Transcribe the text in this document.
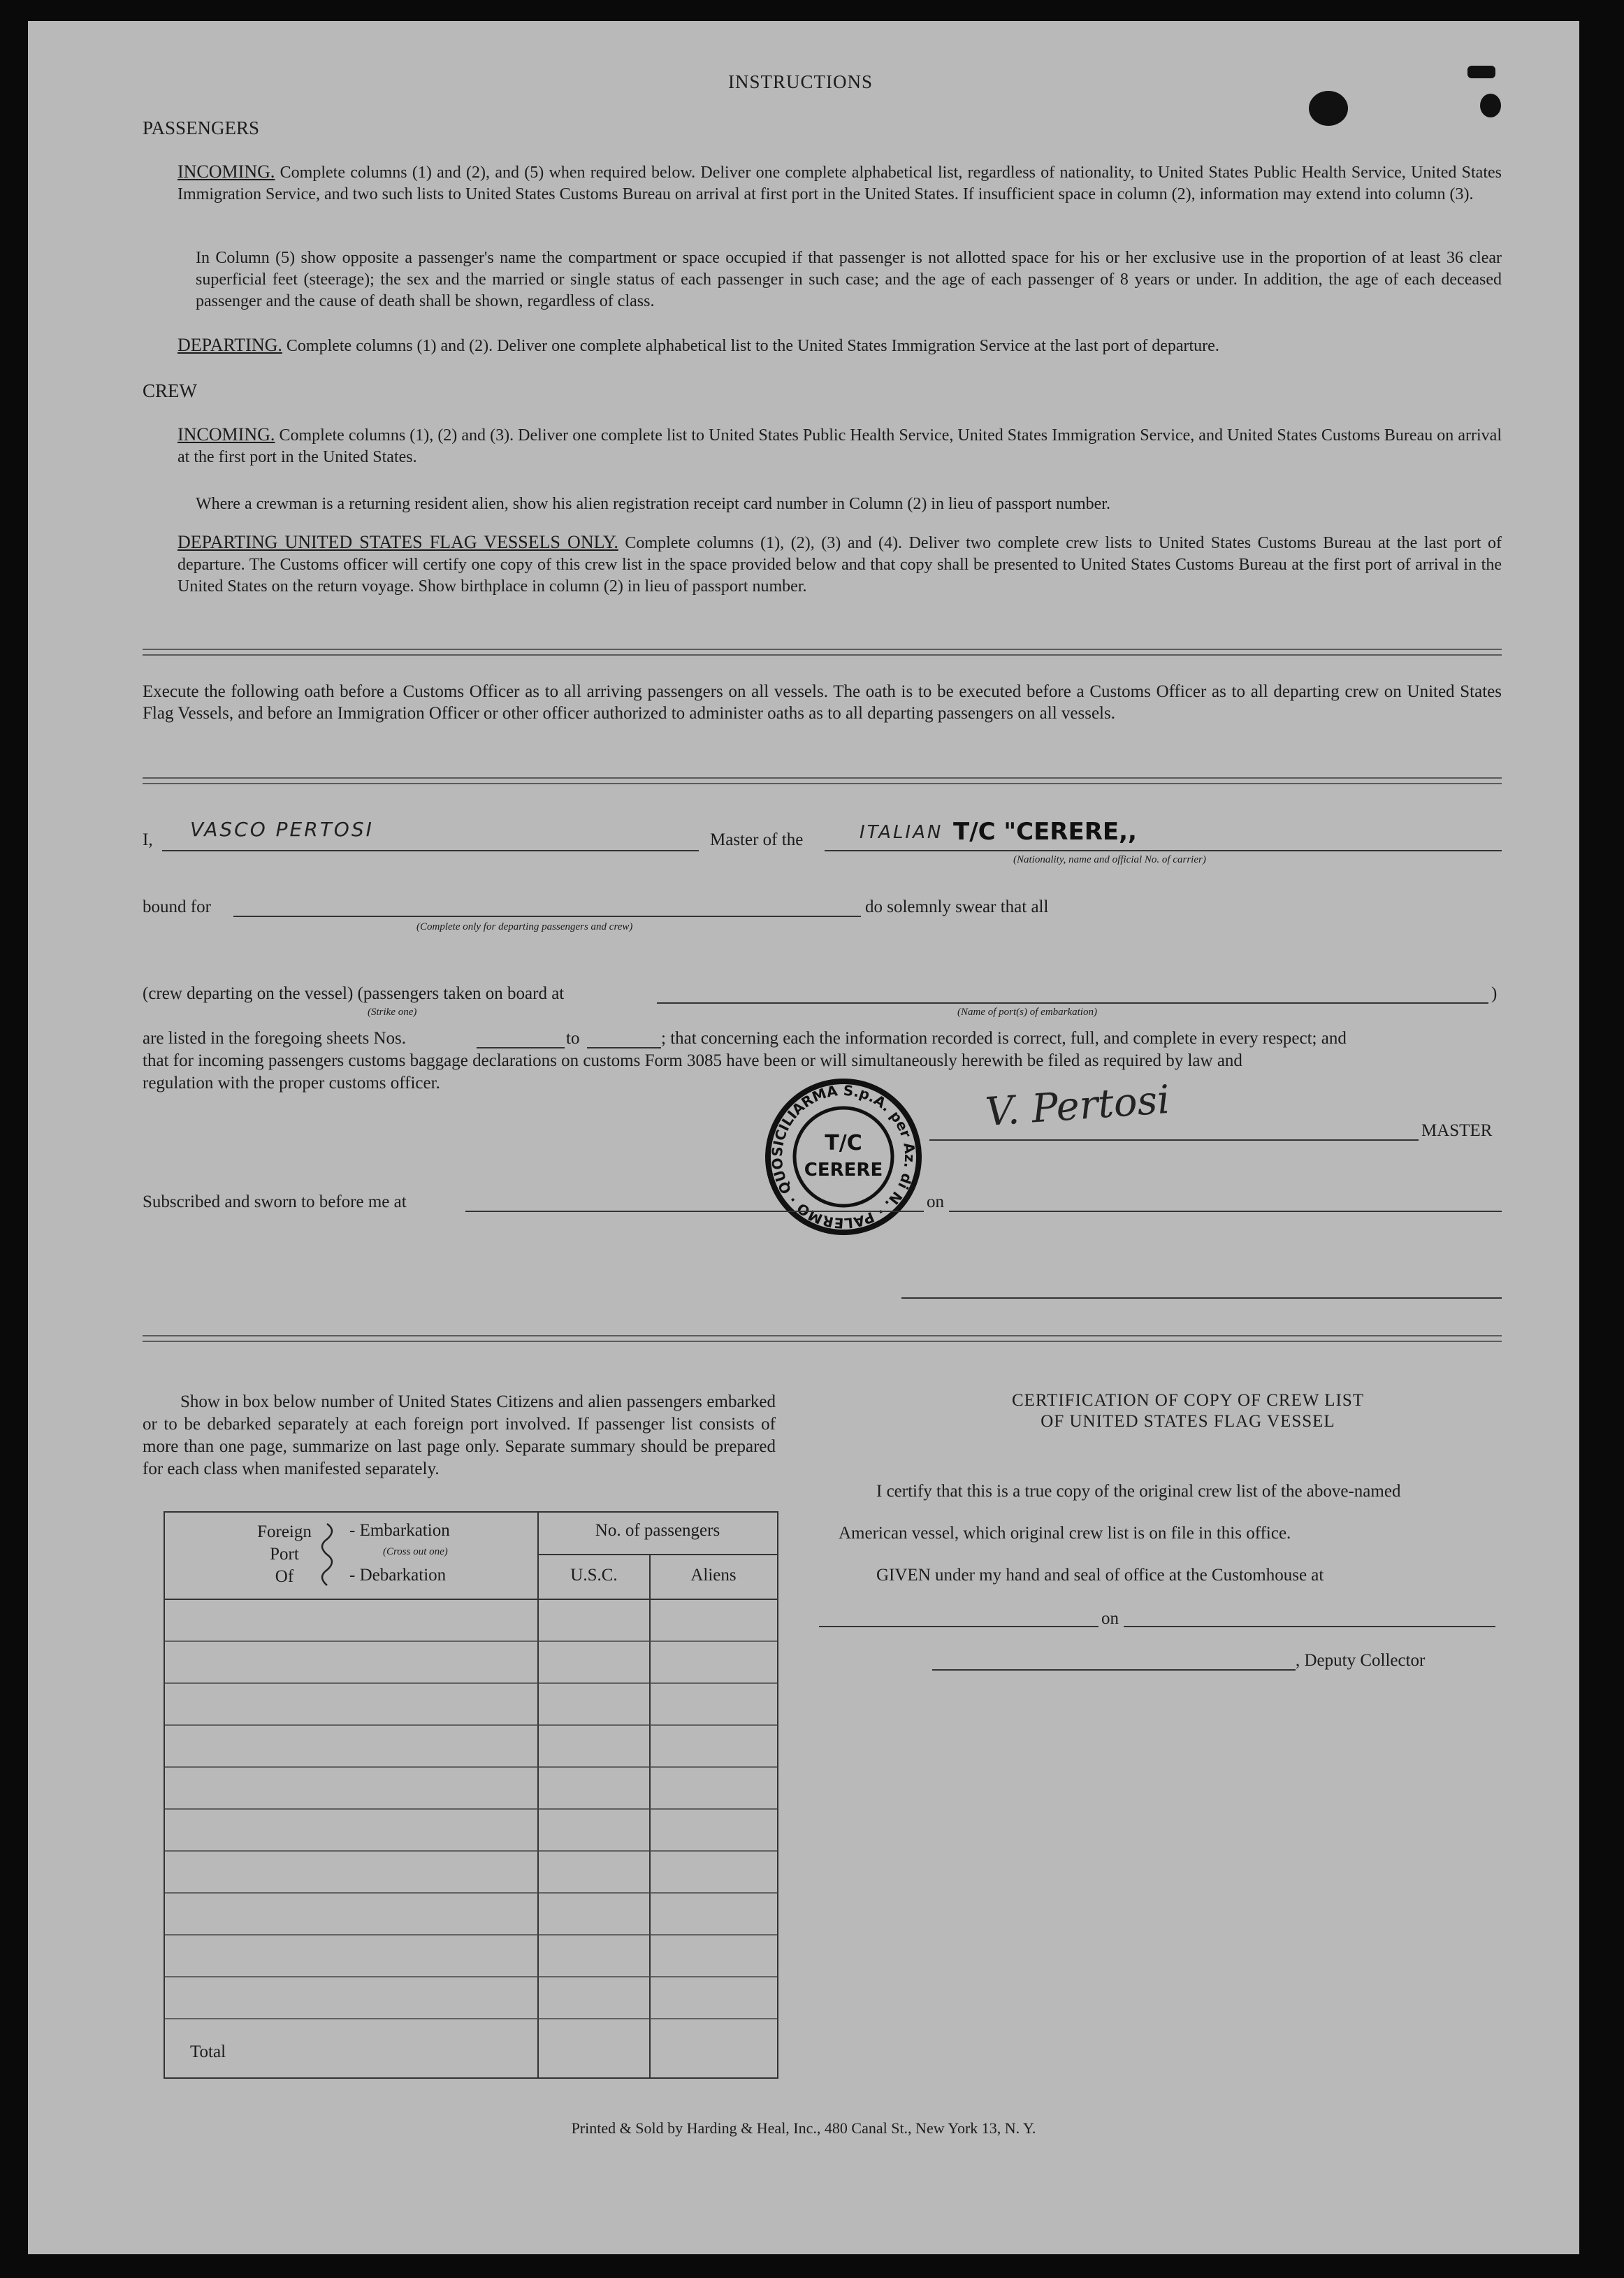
INSTRUCTIONS
PASSENGERS
INCOMING. Complete columns (1) and (2), and (5) when required below. Deliver one complete alphabetical list, regardless of nationality, to United States Public Health Service, United States Immigration Service, and two such lists to United States Customs Bureau on arrival at first port in the United States. If insufficient space in column (2), information may extend into column (3).
In Column (5) show opposite a passenger's name the compartment or space occupied if that passenger is not allotted space for his or her exclusive use in the proportion of at least 36 clear superficial feet (steerage); the sex and the married or single status of each passenger in such case; and the age of each passenger of 8 years or under. In addition, the age of each deceased passenger and the cause of death shall be shown, regardless of class.
DEPARTING. Complete columns (1) and (2). Deliver one complete alphabetical list to the United States Immigration Service at the last port of departure.
CREW
INCOMING. Complete columns (1), (2) and (3). Deliver one complete list to United States Public Health Service, United States Immigration Service, and United States Customs Bureau on arrival at the first port in the United States.
Where a crewman is a returning resident alien, show his alien registration receipt card number in Column (2) in lieu of passport number.
DEPARTING UNITED STATES FLAG VESSELS ONLY. Complete columns (1), (2), (3) and (4). Deliver two complete crew lists to United States Customs Bureau at the last port of departure. The Customs officer will certify one copy of this crew list in the space provided below and that copy shall be presented to United States Customs Bureau at the first port of arrival in the United States on the return voyage. Show birthplace in column (2) in lieu of passport number.
Execute the following oath before a Customs Officer as to all arriving passengers on all vessels. The oath is to be executed before a Customs Officer as to all departing crew on United States Flag Vessels, and before an Immigration Officer or other officer authorized to administer oaths as to all departing passengers on all vessels.
I, VASCO PERTOSI	Master of the	ITALIAN T/C "CERERE,,
(Nationality, name and official No. of carrier)
bound for
(Complete only for departing passengers and crew)
do solemnly swear that all
(crew departing on the vessel) (passengers taken on board at	)
(Strike one)	(Name of port(s) of embarkation)
are listed in the foregoing sheets Nos.	to	; that concerning each the information recorded is correct, full, and complete in every respect; and
that for incoming passengers customs baggage declarations on customs Form 3085 have been or will simultaneously herewith be filed as required by law and
regulation with the proper customs officer.
SICILIARMA S.p.A. per Az. di N. · PALERMO · QUO
T/C
CERERE
V. Pertosi	MASTER
Subscribed and sworn to before me at	on
Show in box below number of United States Citizens and alien passengers embarked or to be debarked separately at each foreign port involved. If passenger list consists of more than one page, summarize on last page only. Separate summary should be prepared for each class when manifested separately.
Foreign
Port
Of
- Embarkation
(Cross out one)
- Debarkation
No. of passengers
U.S.C.	Aliens
Total
CERTIFICATION OF COPY OF CREW LIST
OF UNITED STATES FLAG VESSEL
I certify that this is a true copy of the original crew list of the above-named
American vessel, which original crew list is on file in this office.
GIVEN under my hand and seal of office at the Customhouse at
on
, Deputy Collector
Printed & Sold by Harding & Heal, Inc., 480 Canal St., New York 13, N. Y.
